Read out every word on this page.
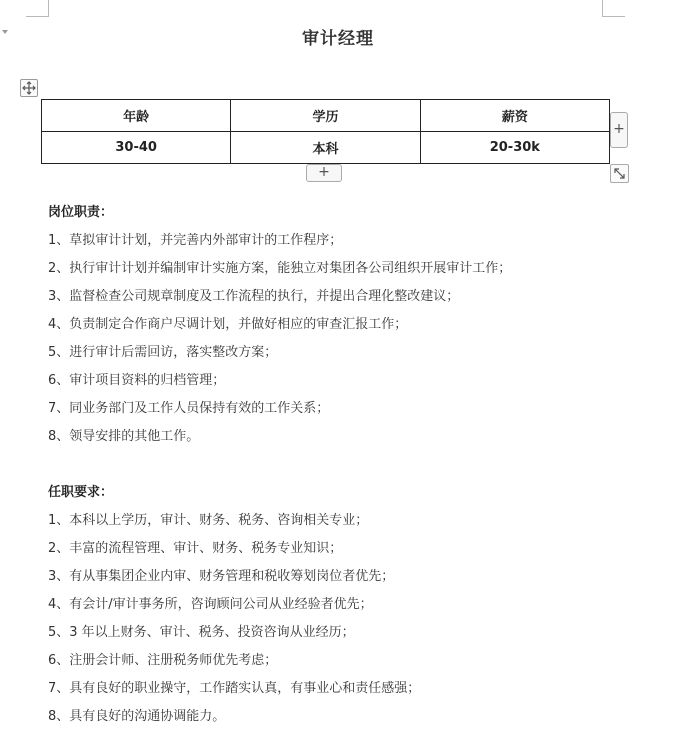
审计经理
年龄	学历	薪资
30-40	本科	20-30k
+
+
岗位职责：
1、草拟审计计划，并完善内外部审计的工作程序；
2、执行审计计划并编制审计实施方案，能独立对集团各公司组织开展审计工作；
3、监督检查公司规章制度及工作流程的执行，并提出合理化整改建议；
4、负责制定合作商户尽调计划，并做好相应的审查汇报工作；
5、进行审计后需回访，落实整改方案；
6、审计项目资料的归档管理；
7、同业务部门及工作人员保持有效的工作关系；
8、领导安排的其他工作。
任职要求：
1、本科以上学历，审计、财务、税务、咨询相关专业；
2、丰富的流程管理、审计、财务、税务专业知识；
3、有从事集团企业内审、财务管理和税收筹划岗位者优先；
4、有会计/审计事务所，咨询顾问公司从业经验者优先；
5、3 年以上财务、审计、税务、投资咨询从业经历；
6、注册会计师、注册税务师优先考虑；
7、具有良好的职业操守，工作踏实认真，有事业心和责任感强；
8、具有良好的沟通协调能力。
